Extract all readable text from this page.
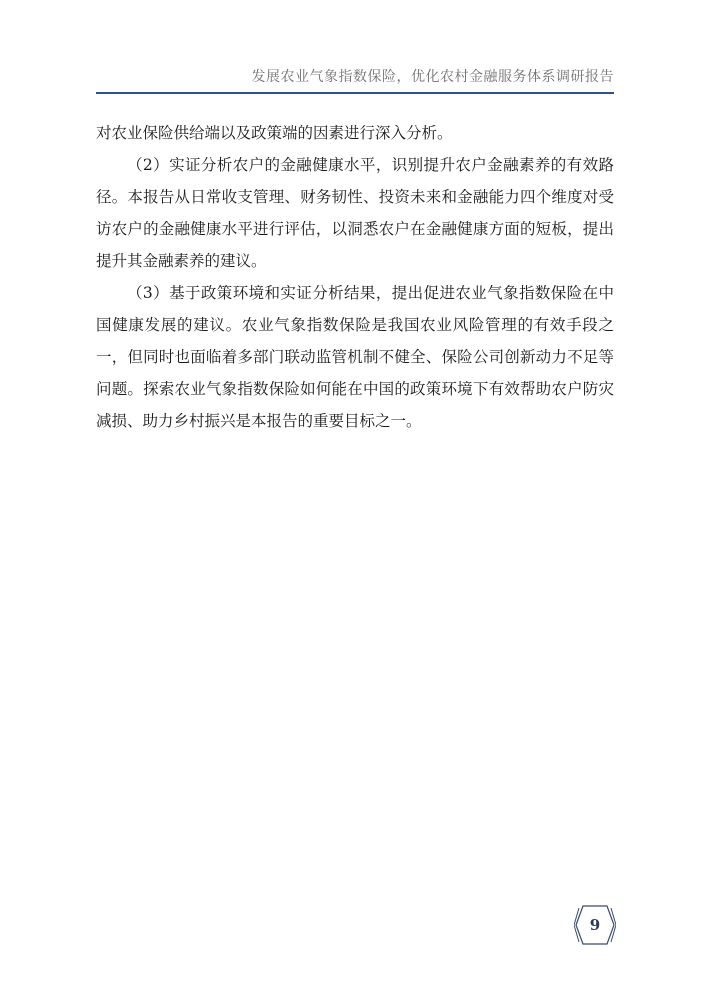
发展农业气象指数保险，优化农村金融服务体系调研报告

对农业保险供给端以及政策端的因素进行深入分析。

（2）实证分析农户的金融健康水平，识别提升农户金融素养的有效路径。本报告从日常收支管理、财务韧性、投资未来和金融能力四个维度对受访农户的金融健康水平进行评估，以洞悉农户在金融健康方面的短板，提出提升其金融素养的建议。

（3）基于政策环境和实证分析结果，提出促进农业气象指数保险在中国健康发展的建议。农业气象指数保险是我国农业风险管理的有效手段之一，但同时也面临着多部门联动监管机制不健全、保险公司创新动力不足等问题。探索农业气象指数保险如何能在中国的政策环境下有效帮助农户防灾减损、助力乡村振兴是本报告的重要目标之一。

9
